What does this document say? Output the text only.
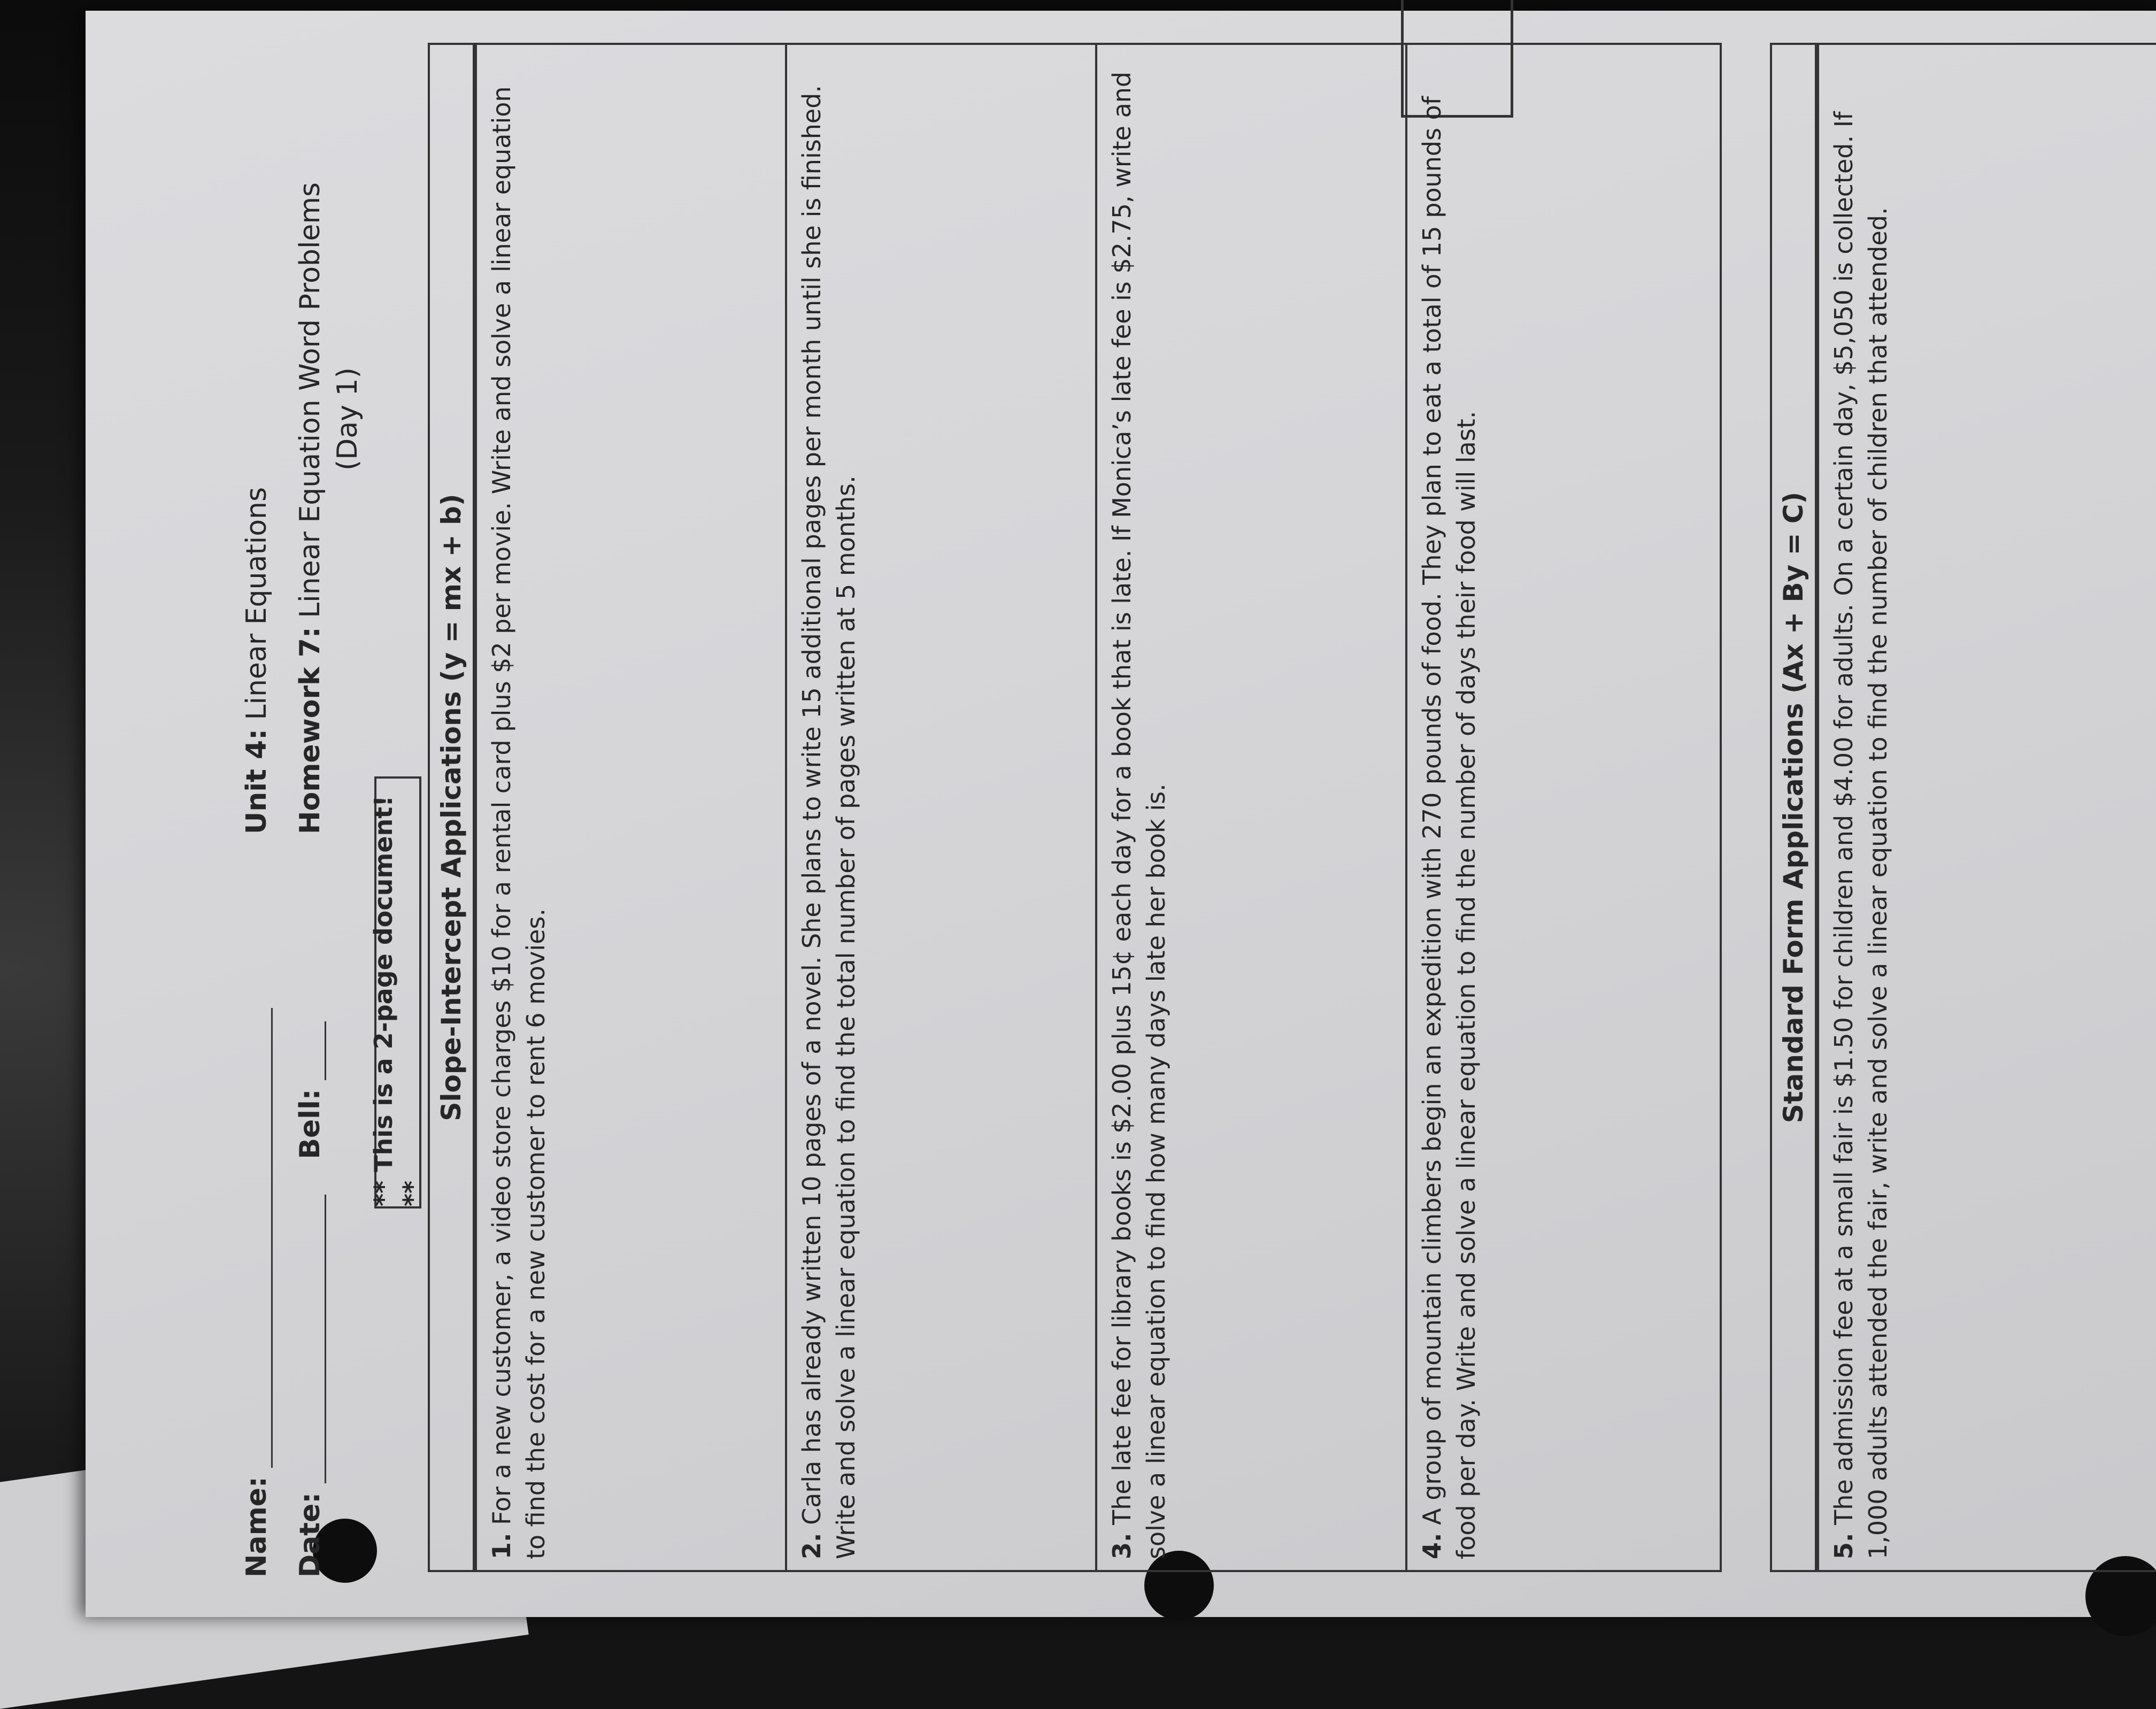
Name:
Unit 4: Linear Equations
Date:  Bell:
Homework 7: Linear Equation Word Problems (Day 1)
** This is a 2-page document! **
Slope-Intercept Applications (y = mx + b)
1. For a new customer, a video store charges $10 for a rental card plus $2 per movie. Write and solve a linear equation to find the cost for a new customer to rent 6 movies.	2. Carla has already written 10 pages of a novel. She plans to write 15 additional pages per month until she is finished. Write and solve a linear equation to find the total number of pages written at 5 months.	3. The late fee for library books is $2.00 plus 15¢ each day for a book that is late. If Monica’s late fee is $2.75, write and solve a linear equation to find how many days late her book is.	4. A group of mountain climbers begin an expedition with 270 pounds of food. They plan to eat a total of 15 pounds of food per day. Write and solve a linear equation to find the number of days their food will last.	Standard Form Applications (Ax + By = C)
5. The admission fee at a small fair is $1.50 for children and $4.00 for adults. On a certain day, $5,050 is collected. If 1,000 adults attended the fair, write and solve a linear equation to find the number of children that attended.
